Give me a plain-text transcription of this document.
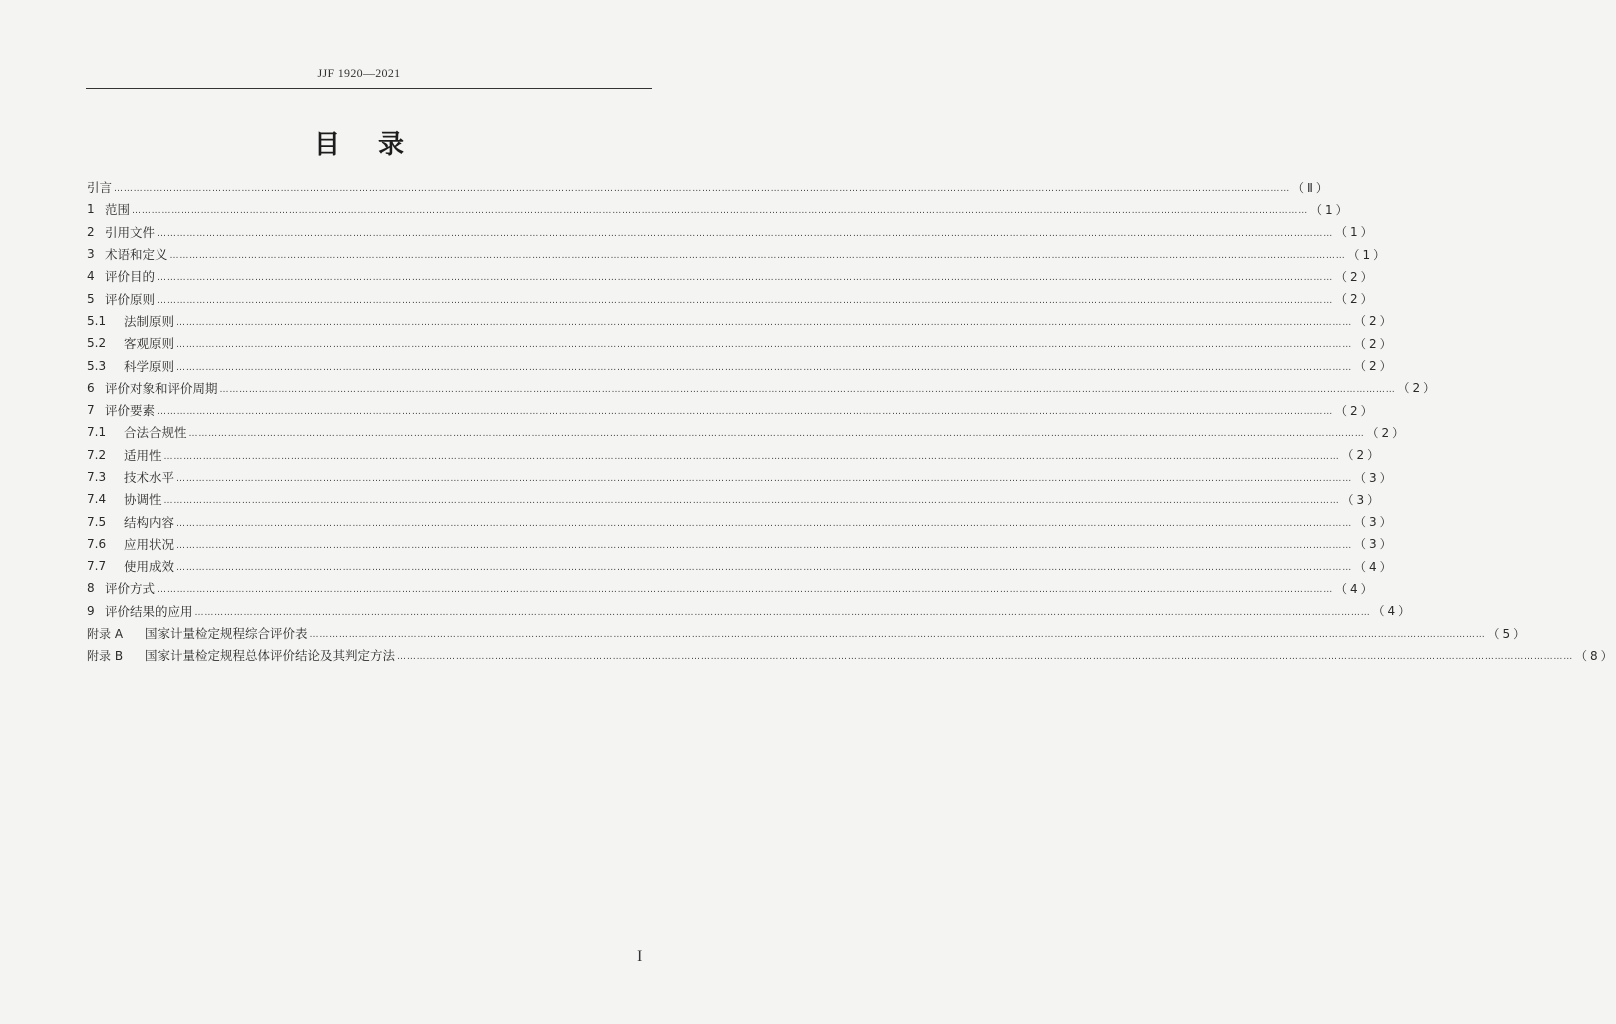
JJF 1920—2021
目录
引言 ……………………………………………………………………………………………………………………………………………………………………………………………………………………………………………………………………………………………………………………………… （Ⅱ）
1 范围 ……………………………………………………………………………………………………………………………………………………………………………………………………………………………………………………………………………………………………………………………… （1）
2 引用文件 ……………………………………………………………………………………………………………………………………………………………………………………………………………………………………………………………………………………………………………………………… （1）
3 术语和定义 ……………………………………………………………………………………………………………………………………………………………………………………………………………………………………………………………………………………………………………………………… （1）
4 评价目的 ……………………………………………………………………………………………………………………………………………………………………………………………………………………………………………………………………………………………………………………………… （2）
5 评价原则 ……………………………………………………………………………………………………………………………………………………………………………………………………………………………………………………………………………………………………………………………… （2）
5.1	法制原则 ……………………………………………………………………………………………………………………………………………………………………………………………………………………………………………………………………………………………………………………………… （2）
5.2	客观原则 ……………………………………………………………………………………………………………………………………………………………………………………………………………………………………………………………………………………………………………………………… （2）
5.3	科学原则 ……………………………………………………………………………………………………………………………………………………………………………………………………………………………………………………………………………………………………………………………… （2）
6 评价对象和评价周期 ……………………………………………………………………………………………………………………………………………………………………………………………………………………………………………………………………………………………………………………………… （2）
7 评价要素 ……………………………………………………………………………………………………………………………………………………………………………………………………………………………………………………………………………………………………………………………… （2）
7.1	合法合规性 ……………………………………………………………………………………………………………………………………………………………………………………………………………………………………………………………………………………………………………………………… （2）
7.2	适用性 ……………………………………………………………………………………………………………………………………………………………………………………………………………………………………………………………………………………………………………………………… （2）
7.3	技术水平 ……………………………………………………………………………………………………………………………………………………………………………………………………………………………………………………………………………………………………………………………… （3）
7.4	协调性 ……………………………………………………………………………………………………………………………………………………………………………………………………………………………………………………………………………………………………………………………… （3）
7.5	结构内容 ……………………………………………………………………………………………………………………………………………………………………………………………………………………………………………………………………………………………………………………………… （3）
7.6	应用状况 ……………………………………………………………………………………………………………………………………………………………………………………………………………………………………………………………………………………………………………………………… （3）
7.7	使用成效 ……………………………………………………………………………………………………………………………………………………………………………………………………………………………………………………………………………………………………………………………… （4）
8 评价方式 ……………………………………………………………………………………………………………………………………………………………………………………………………………………………………………………………………………………………………………………………… （4）
9 评价结果的应用 ……………………………………………………………………………………………………………………………………………………………………………………………………………………………………………………………………………………………………………………………… （4）
附录 A	国家计量检定规程综合评价表 ……………………………………………………………………………………………………………………………………………………………………………………………………………………………………………………………………………………………………………………………… （5）
附录 B	国家计量检定规程总体评价结论及其判定方法 ……………………………………………………………………………………………………………………………………………………………………………………………………………………………………………………………………………………………………………………………… （8）
I
